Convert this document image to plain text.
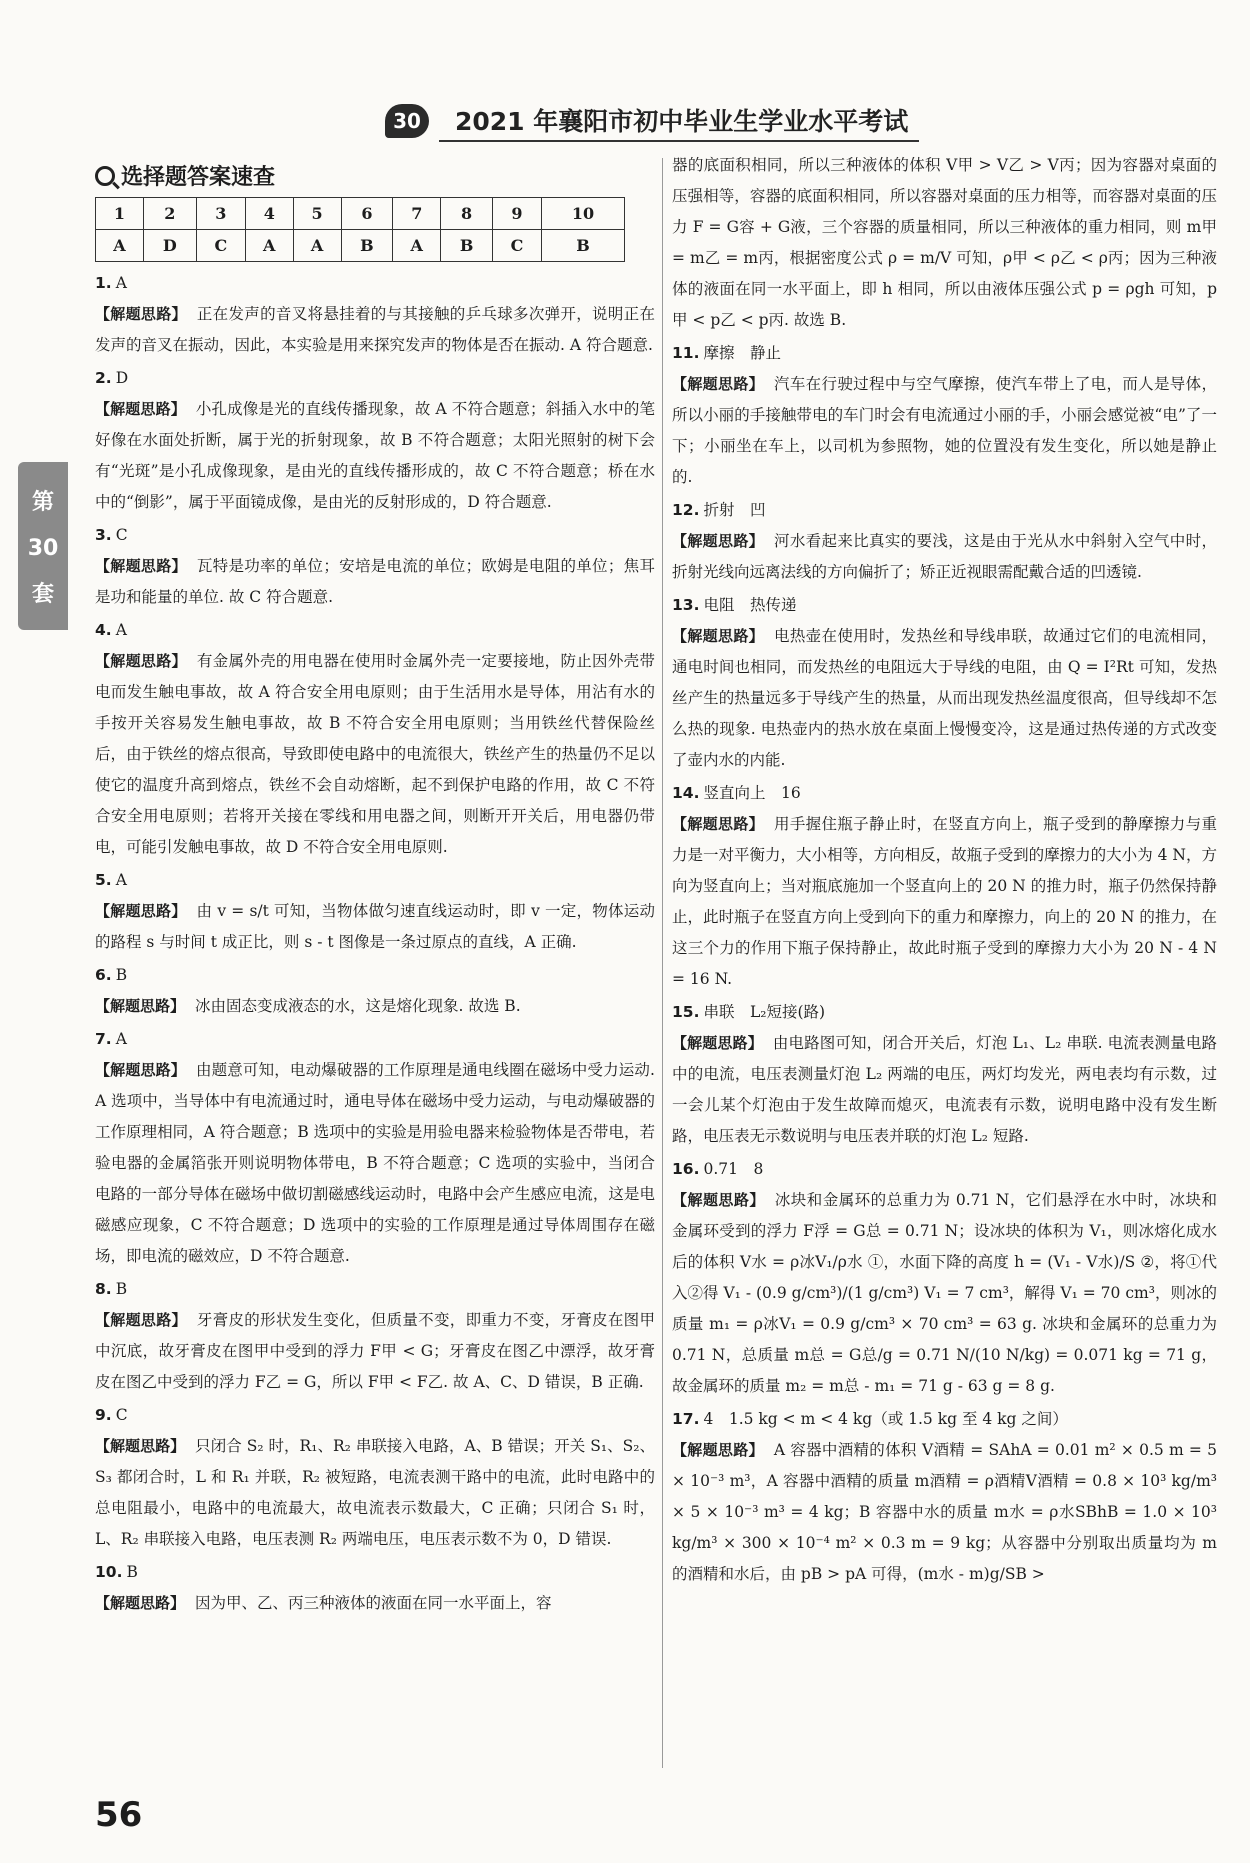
30	2021 年襄阳市初中毕业生学业水平考试
第
30
套
选择题答案速查
1	2	3	4	5	6	7	8	9	10
A	D	C	A	A	B	A	B	C	B
1. A
【解题思路】 正在发声的音叉将悬挂着的与其接触的乒乓球多次弹开，说明正在发声的音叉在振动，因此，本实验是用来探究发声的物体是否在振动. A 符合题意.
2. D
【解题思路】 小孔成像是光的直线传播现象，故 A 不符合题意；斜插入水中的笔好像在水面处折断，属于光的折射现象，故 B 不符合题意；太阳光照射的树下会有“光斑”是小孔成像现象，是由光的直线传播形成的，故 C 不符合题意；桥在水中的“倒影”，属于平面镜成像，是由光的反射形成的，D 符合题意.
3. C
【解题思路】 瓦特是功率的单位；安培是电流的单位；欧姆是电阻的单位；焦耳是功和能量的单位. 故 C 符合题意.
4. A
【解题思路】 有金属外壳的用电器在使用时金属外壳一定要接地，防止因外壳带电而发生触电事故，故 A 符合安全用电原则；由于生活用水是导体，用沾有水的手按开关容易发生触电事故，故 B 不符合安全用电原则；当用铁丝代替保险丝后，由于铁丝的熔点很高，导致即使电路中的电流很大，铁丝产生的热量仍不足以使它的温度升高到熔点，铁丝不会自动熔断，起不到保护电路的作用，故 C 不符合安全用电原则；若将开关接在零线和用电器之间，则断开开关后，用电器仍带电，可能引发触电事故，故 D 不符合安全用电原则.
5. A
【解题思路】 由 v = s/t 可知，当物体做匀速直线运动时，即 v 一定，物体运动的路程 s 与时间 t 成正比，则 s - t 图像是一条过原点的直线，A 正确.
6. B
【解题思路】 冰由固态变成液态的水，这是熔化现象. 故选 B.
7. A
【解题思路】 由题意可知，电动爆破器的工作原理是通电线圈在磁场中受力运动. A 选项中，当导体中有电流通过时，通电导体在磁场中受力运动，与电动爆破器的工作原理相同，A 符合题意；B 选项中的实验是用验电器来检验物体是否带电，若验电器的金属箔张开则说明物体带电，B 不符合题意；C 选项的实验中，当闭合电路的一部分导体在磁场中做切割磁感线运动时，电路中会产生感应电流，这是电磁感应现象，C 不符合题意；D 选项中的实验的工作原理是通过导体周围存在磁场，即电流的磁效应，D 不符合题意.
8. B
【解题思路】 牙膏皮的形状发生变化，但质量不变，即重力不变，牙膏皮在图甲中沉底，故牙膏皮在图甲中受到的浮力 F甲 < G；牙膏皮在图乙中漂浮，故牙膏皮在图乙中受到的浮力 F乙 = G，所以 F甲 < F乙. 故 A、C、D 错误，B 正确.
9. C
【解题思路】 只闭合 S₂ 时，R₁、R₂ 串联接入电路，A、B 错误；开关 S₁、S₂、S₃ 都闭合时，L 和 R₁ 并联，R₂ 被短路，电流表测干路中的电流，此时电路中的总电阻最小，电路中的电流最大，故电流表示数最大，C 正确；只闭合 S₁ 时，L、R₂ 串联接入电路，电压表测 R₂ 两端电压，电压表示数不为 0，D 错误.
10. B
【解题思路】 因为甲、乙、丙三种液体的液面在同一水平面上，容
器的底面积相同，所以三种液体的体积 V甲 > V乙 > V丙；因为容器对桌面的压强相等，容器的底面积相同，所以容器对桌面的压力相等，而容器对桌面的压力 F = G容 + G液，三个容器的质量相同，所以三种液体的重力相同，则 m甲 = m乙 = m丙，根据密度公式 ρ = m/V 可知，ρ甲 < ρ乙 < ρ丙；因为三种液体的液面在同一水平面上，即 h 相同，所以由液体压强公式 p = ρgh 可知，p甲 < p乙 < p丙. 故选 B.
11. 摩擦　静止
【解题思路】 汽车在行驶过程中与空气摩擦，使汽车带上了电，而人是导体，所以小丽的手接触带电的车门时会有电流通过小丽的手，小丽会感觉被“电”了一下；小丽坐在车上，以司机为参照物，她的位置没有发生变化，所以她是静止的.
12. 折射　凹
【解题思路】 河水看起来比真实的要浅，这是由于光从水中斜射入空气中时，折射光线向远离法线的方向偏折了；矫正近视眼需配戴合适的凹透镜.
13. 电阻　热传递
【解题思路】 电热壶在使用时，发热丝和导线串联，故通过它们的电流相同，通电时间也相同，而发热丝的电阻远大于导线的电阻，由 Q = I²Rt 可知，发热丝产生的热量远多于导线产生的热量，从而出现发热丝温度很高，但导线却不怎么热的现象. 电热壶内的热水放在桌面上慢慢变冷，这是通过热传递的方式改变了壶内水的内能.
14. 竖直向上　16
【解题思路】 用手握住瓶子静止时，在竖直方向上，瓶子受到的静摩擦力与重力是一对平衡力，大小相等，方向相反，故瓶子受到的摩擦力的大小为 4 N，方向为竖直向上；当对瓶底施加一个竖直向上的 20 N 的推力时，瓶子仍然保持静止，此时瓶子在竖直方向上受到向下的重力和摩擦力，向上的 20 N 的推力，在这三个力的作用下瓶子保持静止，故此时瓶子受到的摩擦力大小为 20 N - 4 N = 16 N.
15. 串联　L₂短接(路)
【解题思路】 由电路图可知，闭合开关后，灯泡 L₁、L₂ 串联. 电流表测量电路中的电流，电压表测量灯泡 L₂ 两端的电压，两灯均发光，两电表均有示数，过一会儿某个灯泡由于发生故障而熄灭，电流表有示数，说明电路中没有发生断路，电压表无示数说明与电压表并联的灯泡 L₂ 短路.
16. 0.71　8
【解题思路】 冰块和金属环的总重力为 0.71 N，它们悬浮在水中时，冰块和金属环受到的浮力 F浮 = G总 = 0.71 N；设冰块的体积为 V₁，则冰熔化成水后的体积 V水 = ρ冰V₁/ρ水 ①，水面下降的高度 h = (V₁ - V水)/S ②，将①代入②得 V₁ - (0.9 g/cm³)/(1 g/cm³) V₁ = 7 cm³，解得 V₁ = 70 cm³，则冰的质量 m₁ = ρ冰V₁ = 0.9 g/cm³ × 70 cm³ = 63 g. 冰块和金属环的总重力为 0.71 N，总质量 m总 = G总/g = 0.71 N/(10 N/kg) = 0.071 kg = 71 g，故金属环的质量 m₂ = m总 - m₁ = 71 g - 63 g = 8 g.
17. 4　1.5 kg < m < 4 kg（或 1.5 kg 至 4 kg 之间）
【解题思路】 A 容器中酒精的体积 V酒精 = SAhA = 0.01 m² × 0.5 m = 5 × 10⁻³ m³，A 容器中酒精的质量 m酒精 = ρ酒精V酒精 = 0.8 × 10³ kg/m³ × 5 × 10⁻³ m³ = 4 kg；B 容器中水的质量 m水 = ρ水SBhB = 1.0 × 10³ kg/m³ × 300 × 10⁻⁴ m² × 0.3 m = 9 kg；从容器中分别取出质量均为 m 的酒精和水后，由 pB > pA 可得，(m水 - m)g/SB >
56
